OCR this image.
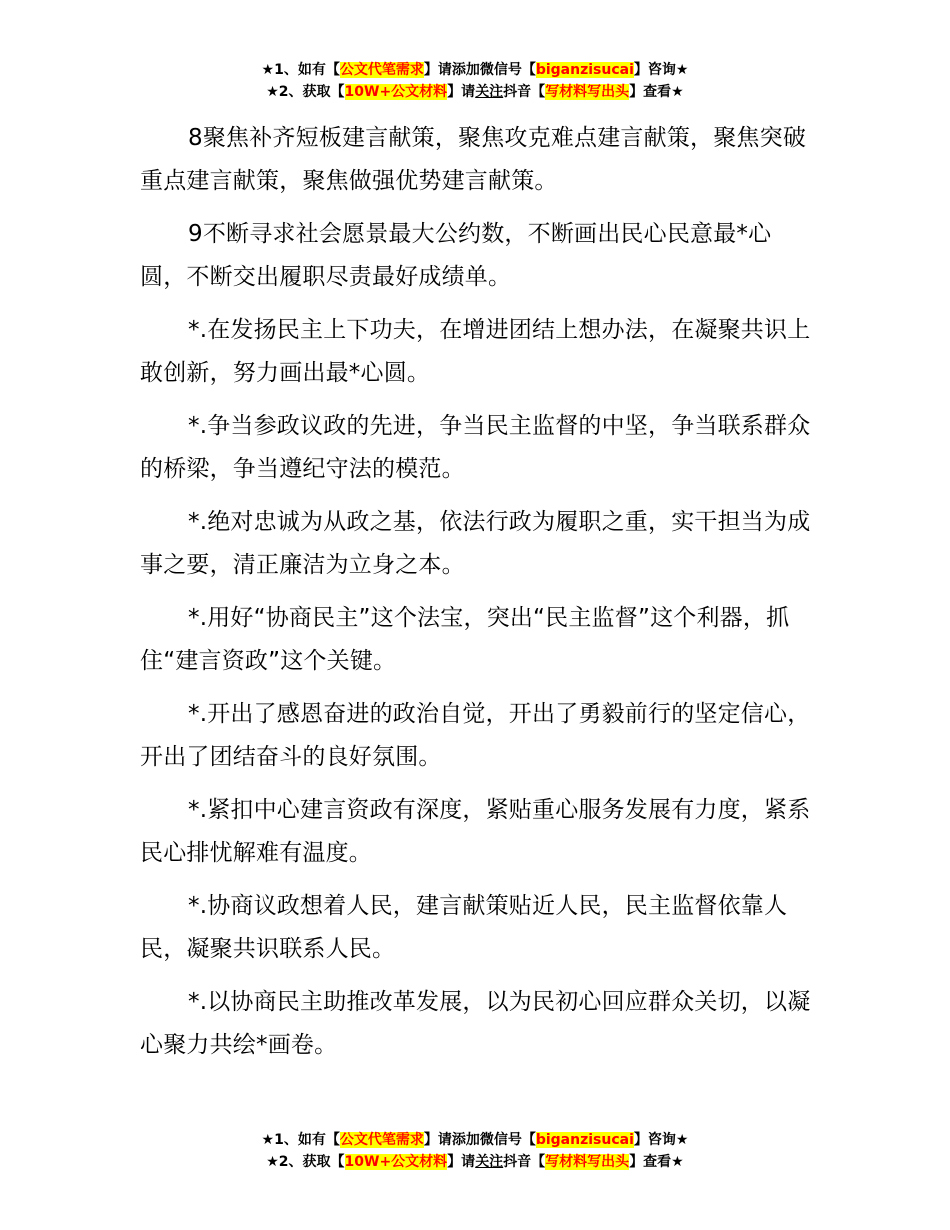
★1、如有【公文代笔需求】请添加微信号【biganzisucai】咨询★
★2、获取【10W+公文材料】请关注抖音【写材料写出头】查看★

8聚焦补齐短板建言献策，聚焦攻克难点建言献策，聚焦突破重点建言献策，聚焦做强优势建言献策。

9不断寻求社会愿景最大公约数，不断画出民心民意最*心圆，不断交出履职尽责最好成绩单。

*.在发扬民主上下功夫，在增进团结上想办法，在凝聚共识上敢创新，努力画出最*心圆。

*.争当参政议政的先进，争当民主监督的中坚，争当联系群众的桥梁，争当遵纪守法的模范。

*.绝对忠诚为从政之基，依法行政为履职之重，实干担当为成事之要，清正廉洁为立身之本。

*.用好“协商民主”这个法宝，突出“民主监督”这个利器，抓住“建言资政”这个关键。

*.开出了感恩奋进的政治自觉，开出了勇毅前行的坚定信心，开出了团结奋斗的良好氛围。

*.紧扣中心建言资政有深度，紧贴重心服务发展有力度，紧系民心排忧解难有温度。

*.协商议政想着人民，建言献策贴近人民，民主监督依靠人民，凝聚共识联系人民。

*.以协商民主助推改革发展，以为民初心回应群众关切，以凝心聚力共绘*画卷。

★1、如有【公文代笔需求】请添加微信号【biganzisucai】咨询★
★2、获取【10W+公文材料】请关注抖音【写材料写出头】查看★
